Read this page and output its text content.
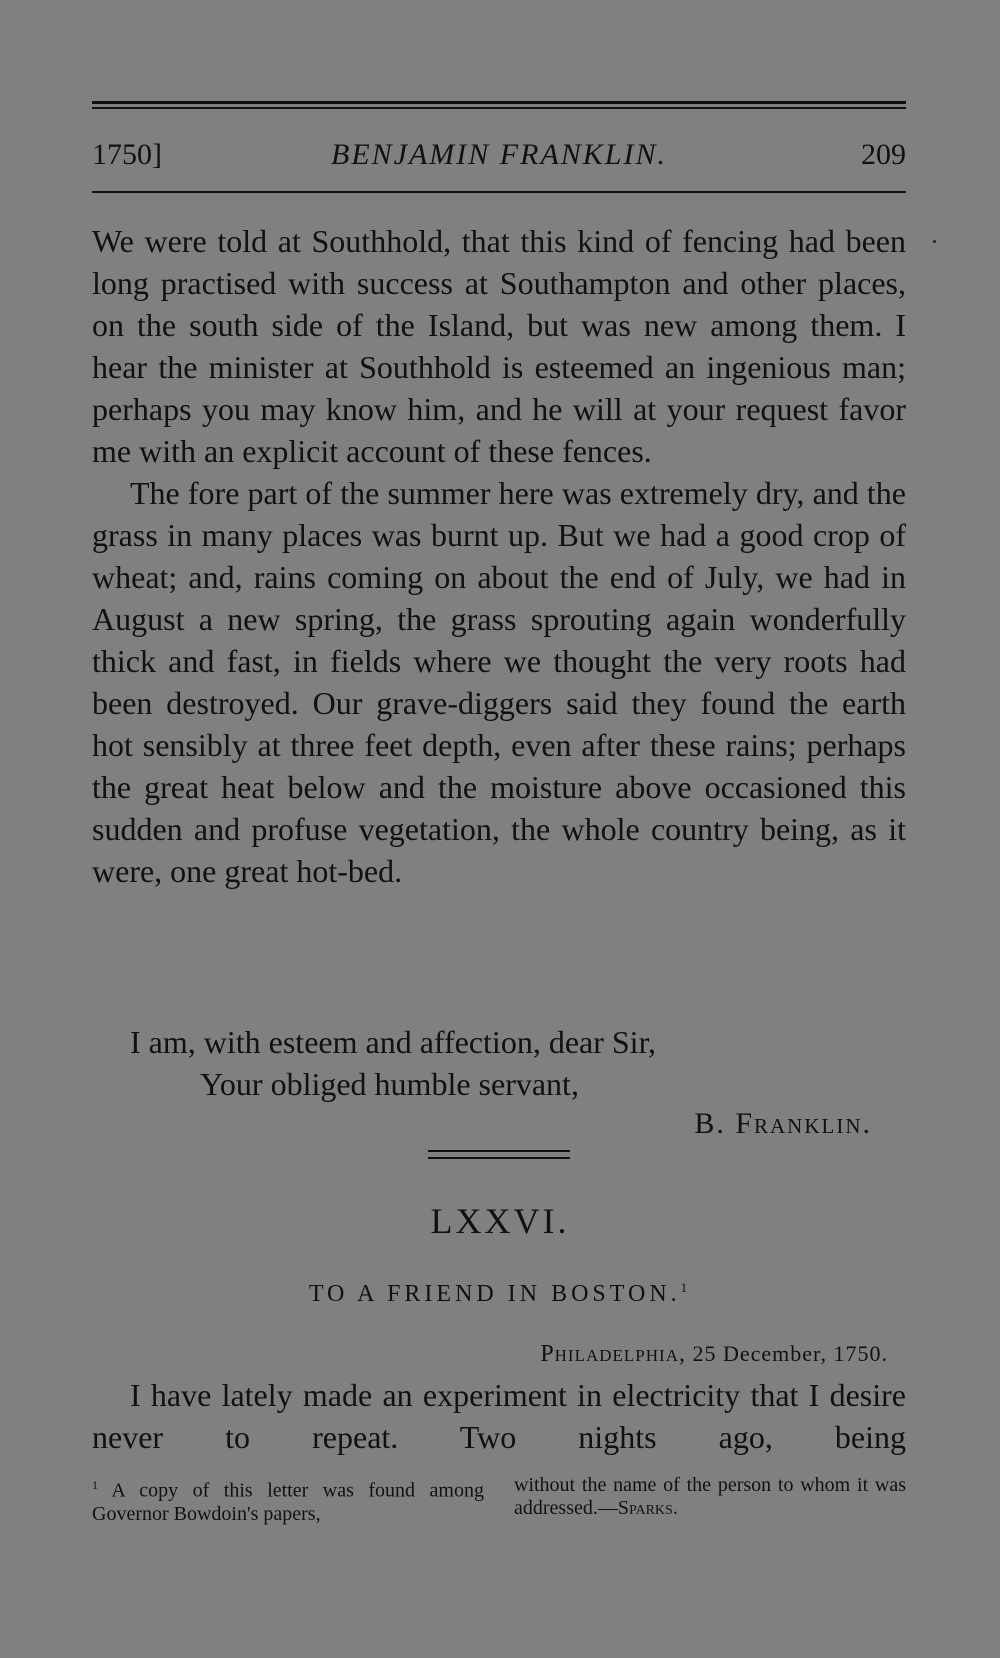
1750]	BENJAMIN FRANKLIN.	209

We were told at Southhold, that this kind of fencing had been long practised with success at Southampton and other places, on the south side of the Island, but was new among them. I hear the minister at Southhold is esteemed an ingenious man; perhaps you may know him, and he will at your request favor me with an explicit account of these fences.

The fore part of the summer here was extremely dry, and the grass in many places was burnt up. But we had a good crop of wheat; and, rains coming on about the end of July, we had in August a new spring, the grass sprouting again wonderfully thick and fast, in fields where we thought the very roots had been destroyed. Our grave-diggers said they found the earth hot sensibly at three feet depth, even after these rains; perhaps the great heat below and the moisture above occasioned this sudden and profuse vegetation, the whole country being, as it were, one great hot-bed.

I am, with esteem and affection, dear Sir,
Your obliged humble servant,
B. Franklin.
LXXVI.
TO A FRIEND IN BOSTON.$^1$
Philadelphia, 25 December, 1750.

I have lately made an experiment in electricity that I desire never to repeat. Two nights ago, being

$^1$ A copy of this letter was found among Governor Bowdoin's papers,
without the name of the person to whom it was addressed.—Sparks.
